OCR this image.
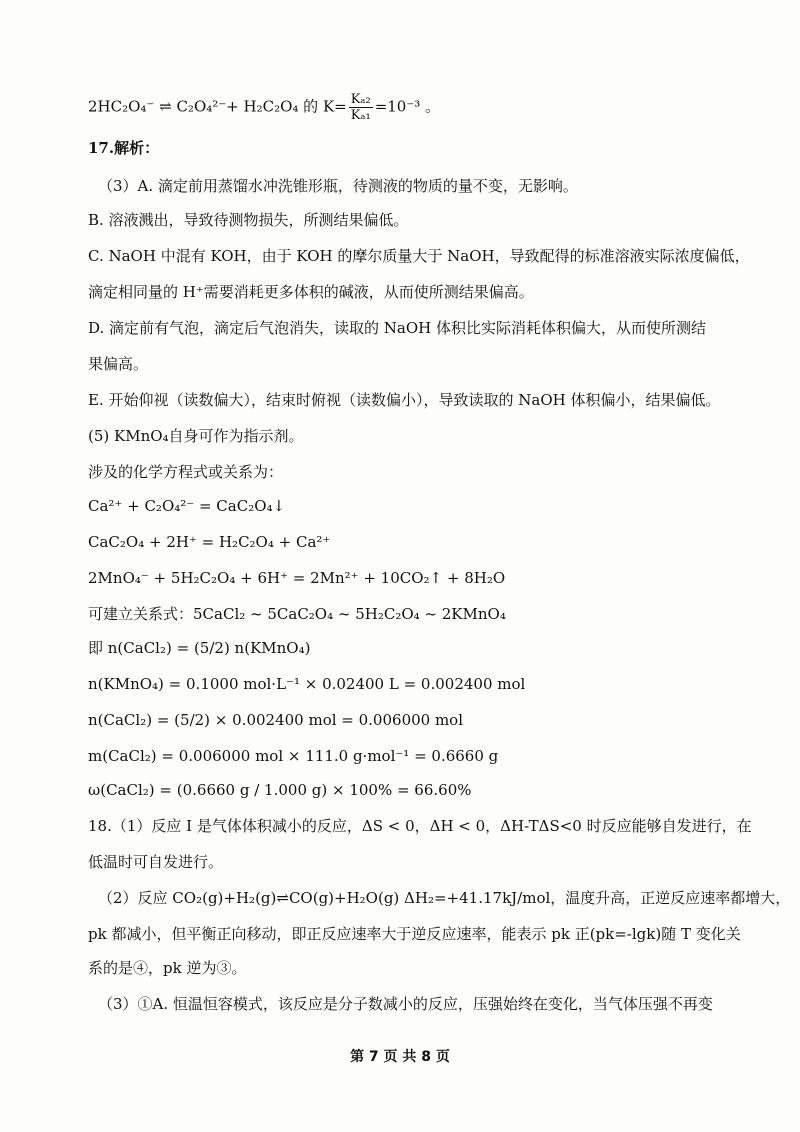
2HC₂O₄⁻ ⇌ C₂O₄²⁻+ H₂C₂O₄ 的 $K= \frac{\text{Kₐ₂}}{\text{Kₐ₁}} =10^{-3}$ 。
17.解析：
（3）A. 滴定前用蒸馏水冲洗锥形瓶，待测液的物质的量不变，无影响。
B. 溶液溅出，导致待测物损失，所测结果偏低。
C. NaOH 中混有 KOH，由于 KOH 的摩尔质量大于 NaOH，导致配得的标准溶液实际浓度偏低，
滴定相同量的 H⁺需要消耗更多体积的碱液，从而使所测结果偏高。
D. 滴定前有气泡，滴定后气泡消失，读取的 NaOH 体积比实际消耗体积偏大，从而使所测结
果偏高。
E. 开始仰视（读数偏大），结束时俯视（读数偏小），导致读取的 NaOH 体积偏小，结果偏低。
(5) KMnO₄自身可作为指示剂。
涉及的化学方程式或关系为：
Ca²⁺ + C₂O₄²⁻ = CaC₂O₄↓
CaC₂O₄ + 2H⁺ = H₂C₂O₄ + Ca²⁺
2MnO₄⁻ + 5H₂C₂O₄ + 6H⁺ = 2Mn²⁺ + 10CO₂↑ + 8H₂O
可建立关系式：5CaCl₂ ~ 5CaC₂O₄ ~ 5H₂C₂O₄ ~ 2KMnO₄
即 n(CaCl₂) = (5/2) n(KMnO₄)
n(KMnO₄) = 0.1000 mol·L⁻¹ × 0.02400 L = 0.002400 mol
n(CaCl₂) = (5/2) × 0.002400 mol = 0.006000 mol
m(CaCl₂) = 0.006000 mol × 111.0 g·mol⁻¹ = 0.6660 g
ω(CaCl₂) = (0.6660 g / 1.000 g) × 100% = 66.60%
18.（1）反应 I 是气体体积减小的反应，ΔS < 0，ΔH < 0，ΔH-TΔS<0 时反应能够自发进行，在
低温时可自发进行。
（2）反应 CO₂(g)+H₂(g)⇌CO(g)+H₂O(g) ΔH₂=+41.17kJ/mol，温度升高，正逆反应速率都增大，
pk 都减小，但平衡正向移动，即正反应速率大于逆反应速率，能表示 pk 正(pk=-lgk)随 T 变化关
系的是④，pk 逆为③。
（3）①A. 恒温恒容模式，该反应是分子数减小的反应，压强始终在变化，当气体压强不再变
第 7 页 共 8 页
